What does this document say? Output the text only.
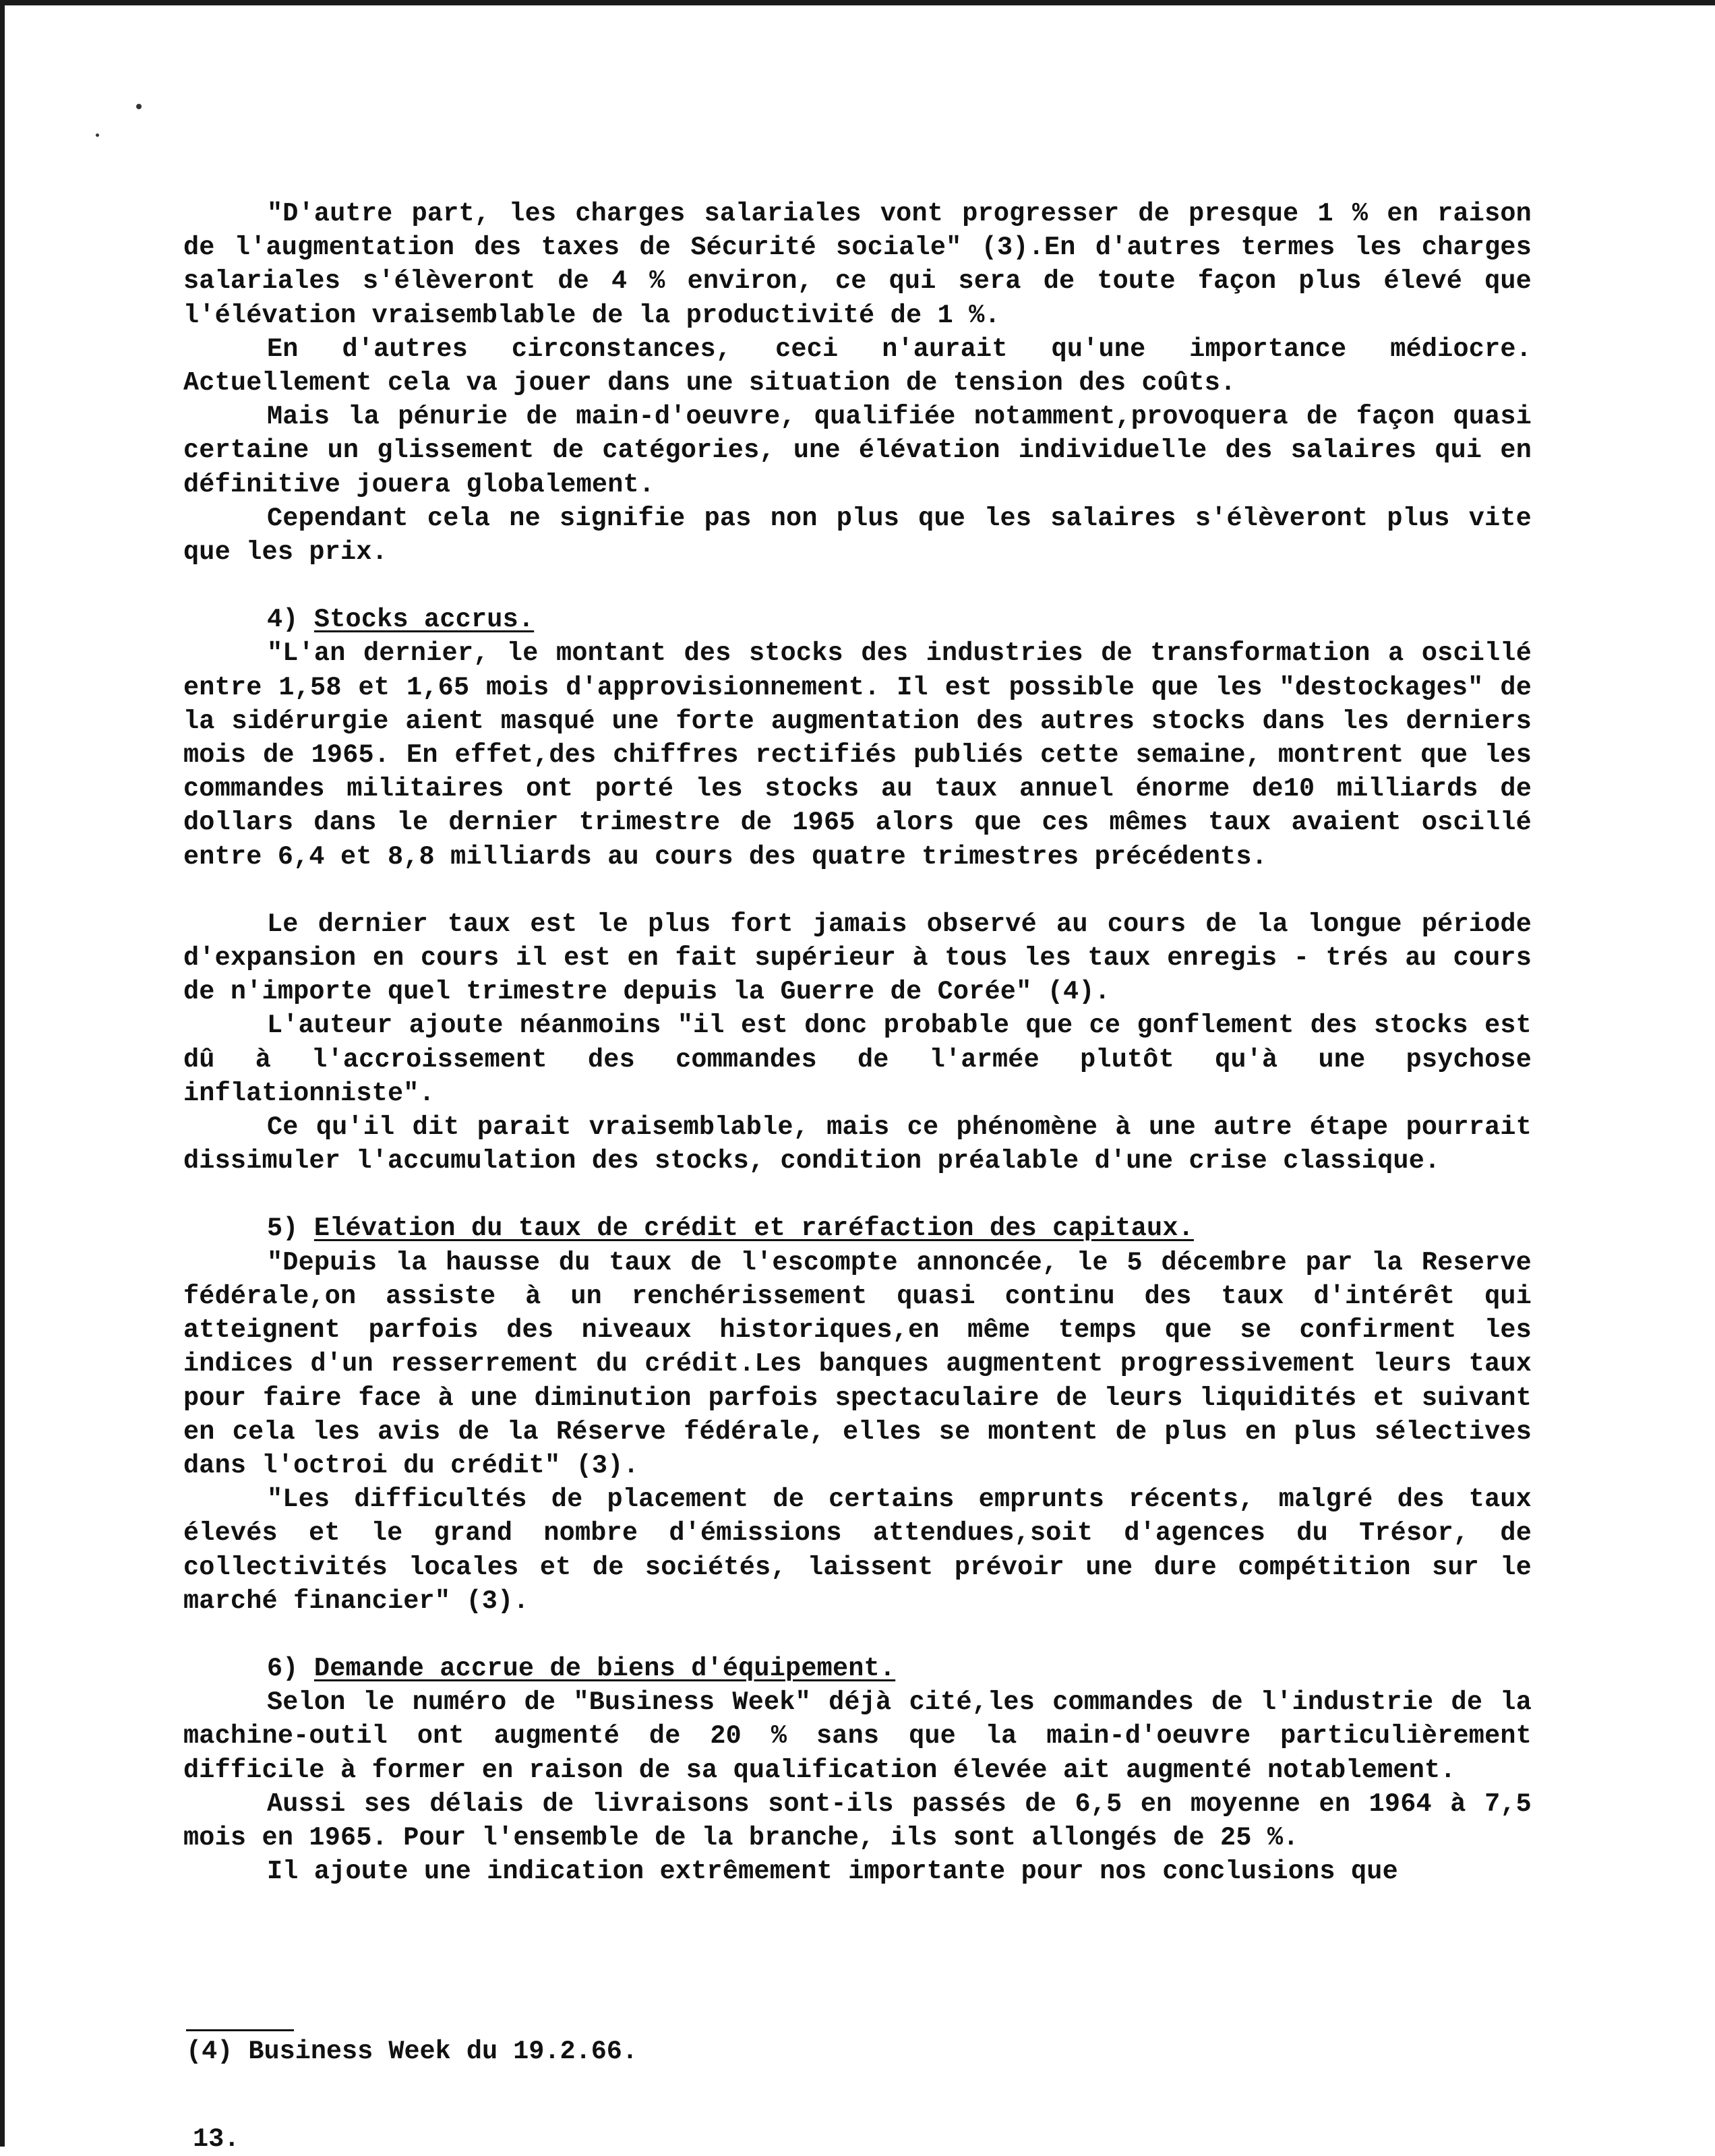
"D'autre part, les charges salariales vont progresser de presque 1 % en raison de l'augmentation des taxes de Sécurité sociale" (3).En d'autres termes les charges salariales s'élèveront de 4 % environ, ce qui sera de toute façon plus élevé que l'élévation vraisemblable de la productivité de 1 %.

En d'autres circonstances, ceci n'aurait qu'une importance médiocre. Actuellement cela va jouer dans une situation de tension des coûts.

Mais la pénurie de main-d'oeuvre, qualifiée notamment,provoquera de façon quasi certaine un glissement de catégories, une élévation individuelle des salaires qui en définitive jouera globalement.

Cependant cela ne signifie pas non plus que les salaires s'élèveront plus vite que les prix.

4) Stocks accrus.

"L'an dernier, le montant des stocks des industries de transformation a oscillé entre 1,58 et 1,65 mois d'approvisionnement. Il est possible que les "destockages" de la sidérurgie aient masqué une forte augmentation des autres stocks dans les derniers mois de 1965. En effet,des chiffres rectifiés publiés cette semaine, montrent que les commandes militaires ont porté les stocks au taux annuel énorme de10 milliards de dollars dans le dernier trimestre de 1965 alors que ces mêmes taux avaient oscillé entre 6,4 et 8,8 milliards au cours des quatre trimestres précédents.

Le dernier taux est le plus fort jamais observé au cours de la longue période d'expansion en cours il est en fait supérieur à tous les taux enregis - trés au cours de n'importe quel trimestre depuis la Guerre de Corée" (4).

L'auteur ajoute néanmoins "il est donc probable que ce gonflement des stocks est dû à l'accroissement des commandes de l'armée plutôt qu'à une psychose inflationniste".

Ce qu'il dit parait vraisemblable, mais ce phénomène à une autre étape pourrait dissimuler l'accumulation des stocks, condition préalable d'une crise classique.

5) Elévation du taux de crédit et raréfaction des capitaux.

"Depuis la hausse du taux de l'escompte annoncée, le 5 décembre par la Reserve fédérale,on assiste à un renchérissement quasi continu des taux d'intérêt qui atteignent parfois des niveaux historiques,en même temps que se confirment les indices d'un resserrement du crédit.Les banques augmentent progressivement leurs taux pour faire face à une diminution parfois spectaculaire de leurs liquidités et suivant en cela les avis de la Réserve fédérale, elles se montent de plus en plus sélectives dans l'octroi du crédit" (3).

"Les difficultés de placement de certains emprunts récents, malgré des taux élevés et le grand nombre d'émissions attendues,soit d'agences du Trésor, de collectivités locales et de sociétés, laissent prévoir une dure compétition sur le marché financier" (3).

6) Demande accrue de biens d'équipement.

Selon le numéro de "Business Week" déjà cité,les commandes de l'industrie de la machine-outil ont augmenté de 20 % sans que la main-d'oeuvre particulièrement difficile à former en raison de sa qualification élevée ait augmenté notablement.

Aussi ses délais de livraisons sont-ils passés de 6,5 en moyenne en 1964 à 7,5 mois en 1965. Pour l'ensemble de la branche, ils sont allongés de 25 %.

Il ajoute une indication extrêmement importante pour nos conclusions que

(4) Business Week du 19.2.66.
13.
